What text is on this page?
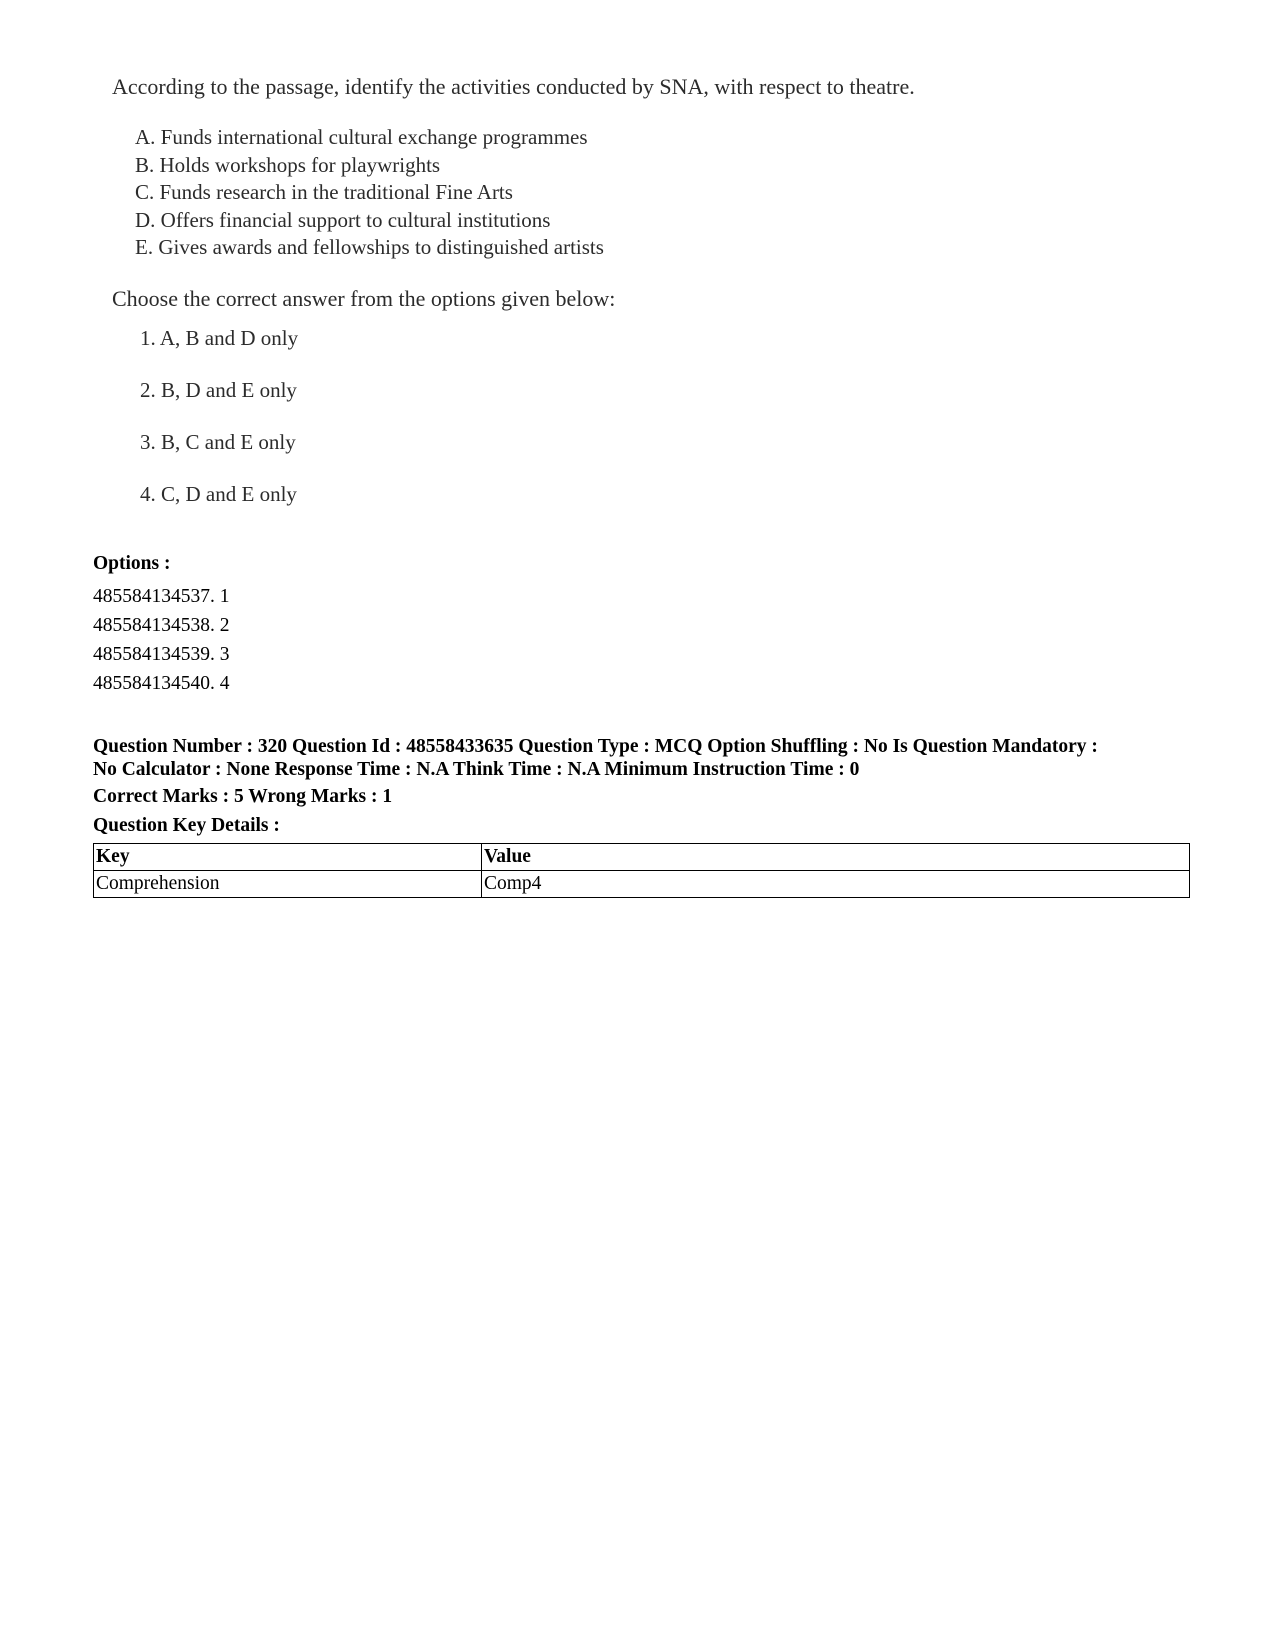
According to the passage, identify the activities conducted by SNA, with respect to theatre.

A. Funds international cultural exchange programmes
B. Holds workshops for playwrights
C. Funds research in the traditional Fine Arts
D. Offers financial support to cultural institutions
E. Gives awards and fellowships to distinguished artists

Choose the correct answer from the options given below:

1. A, B and D only

2. B, D and E only

3. B, C and E only

4. C, D and E only

Options :

485584134537. 1
485584134538. 2
485584134539. 3
485584134540. 4
Question Number : 320 Question Id : 48558433635 Question Type : MCQ Option Shuffling : No Is Question Mandatory :
No Calculator : None Response Time : N.A Think Time : N.A Minimum Instruction Time : 0

Correct Marks : 5 Wrong Marks : 1

Question Key Details :

Key	Value
Comprehension	Comp4
